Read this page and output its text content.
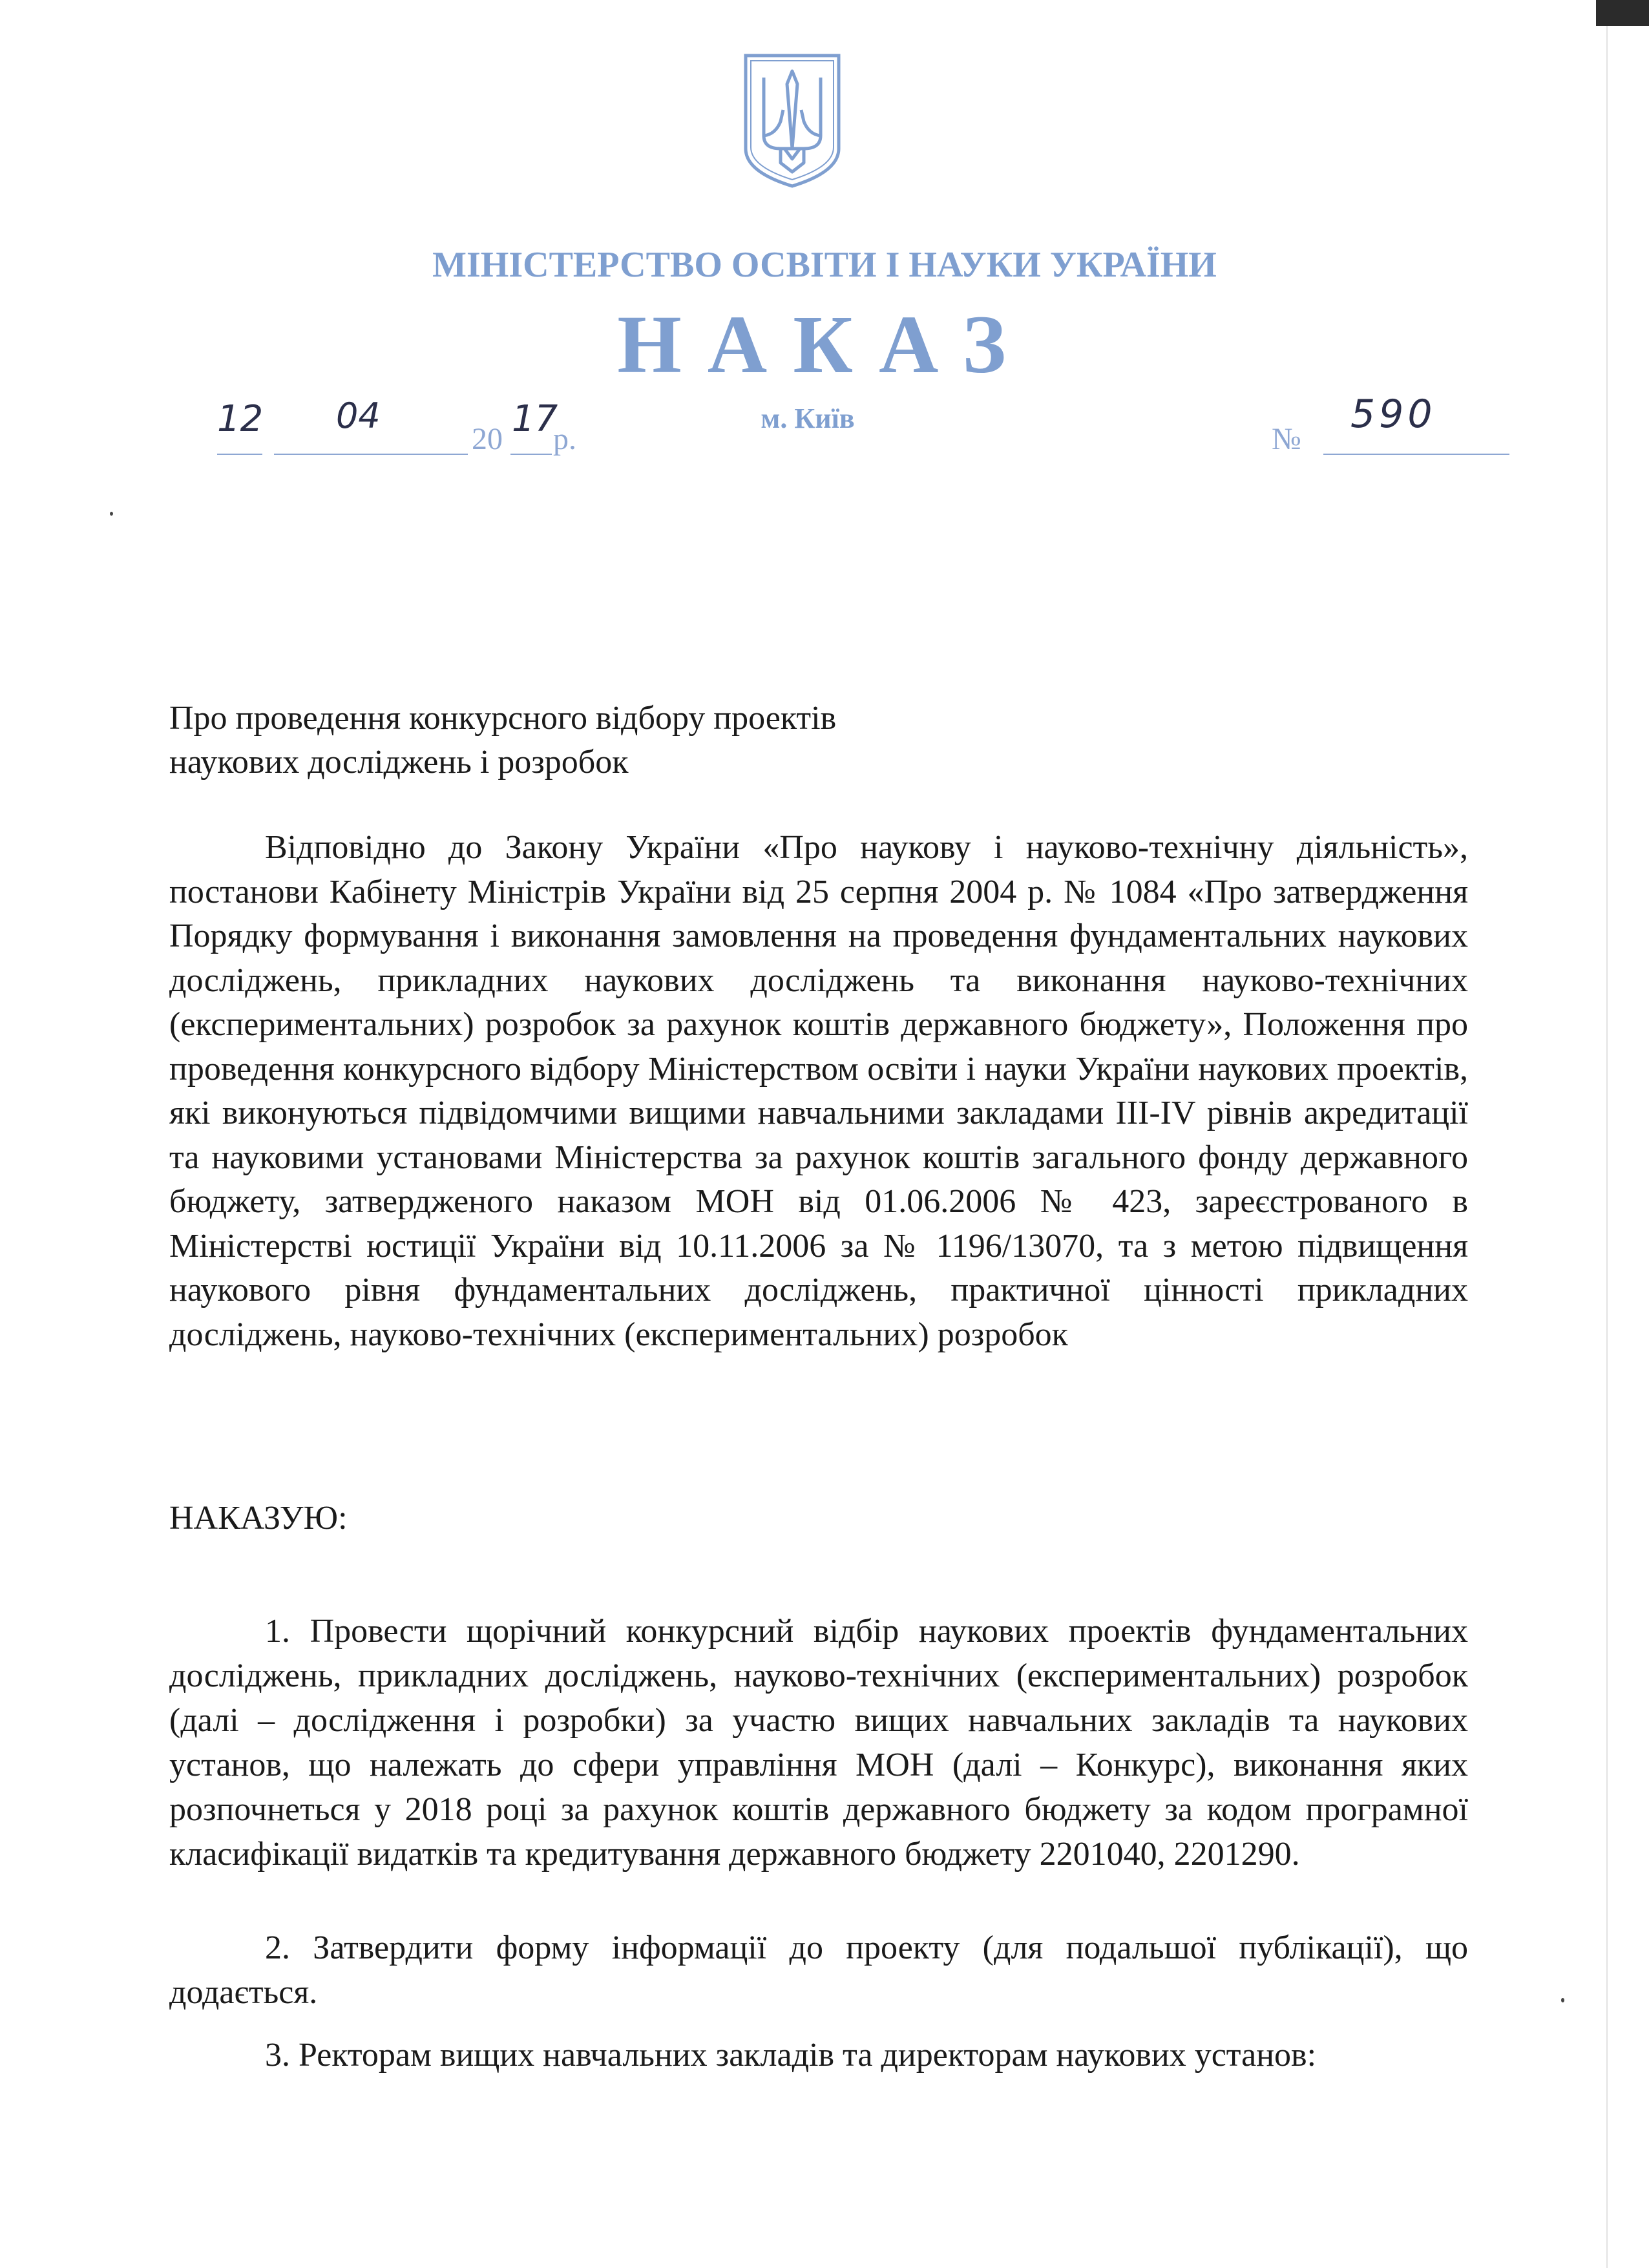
МІНІСТЕРСТВО ОСВІТИ І НАУКИ УКРАЇНИ
НАКАЗ
12 04
20 17
р.
м. Київ
№
590
Про проведення конкурсного відбору проектів
наукових досліджень і розробок

Відповідно до Закону України «Про наукову і науково-технічну діяльність», постанови Кабінету Міністрів України від 25 серпня 2004 р. № 1084 «Про затвердження Порядку формування і виконання замовлення на проведення фундаментальних наукових досліджень, прикладних наукових досліджень та виконання науково-технічних (експериментальних) розробок за рахунок коштів державного бюджету», Положення про проведення конкурсного відбору Міністерством освіти і науки України наукових проектів, які виконуються підвідомчими вищими навчальними закладами III-IV рівнів акредитації та науковими установами Міністерства за рахунок коштів загального фонду державного бюджету, затвердженого наказом МОН від 01.06.2006 № 423, зареєстрованого в Міністерстві юстиції України від 10.11.2006 за № 1196/13070, та з метою підвищення наукового рівня фундаментальних досліджень, практичної цінності прикладних досліджень, науково-технічних (експериментальних) розробок

НАКАЗУЮ:

1. Провести щорічний конкурсний відбір наукових проектів фундаментальних досліджень, прикладних досліджень, науково-технічних (експериментальних) розробок (далі – дослідження і розробки) за участю вищих навчальних закладів та наукових установ, що належать до сфери управління МОН (далі – Конкурс), виконання яких розпочнеться у 2018 році за рахунок коштів державного бюджету за кодом програмної класифікації видатків та кредитування державного бюджету 2201040, 2201290.

2. Затвердити форму інформації до проекту (для подальшої публікації), що додається.

3. Ректорам вищих навчальних закладів та директорам наукових установ:
